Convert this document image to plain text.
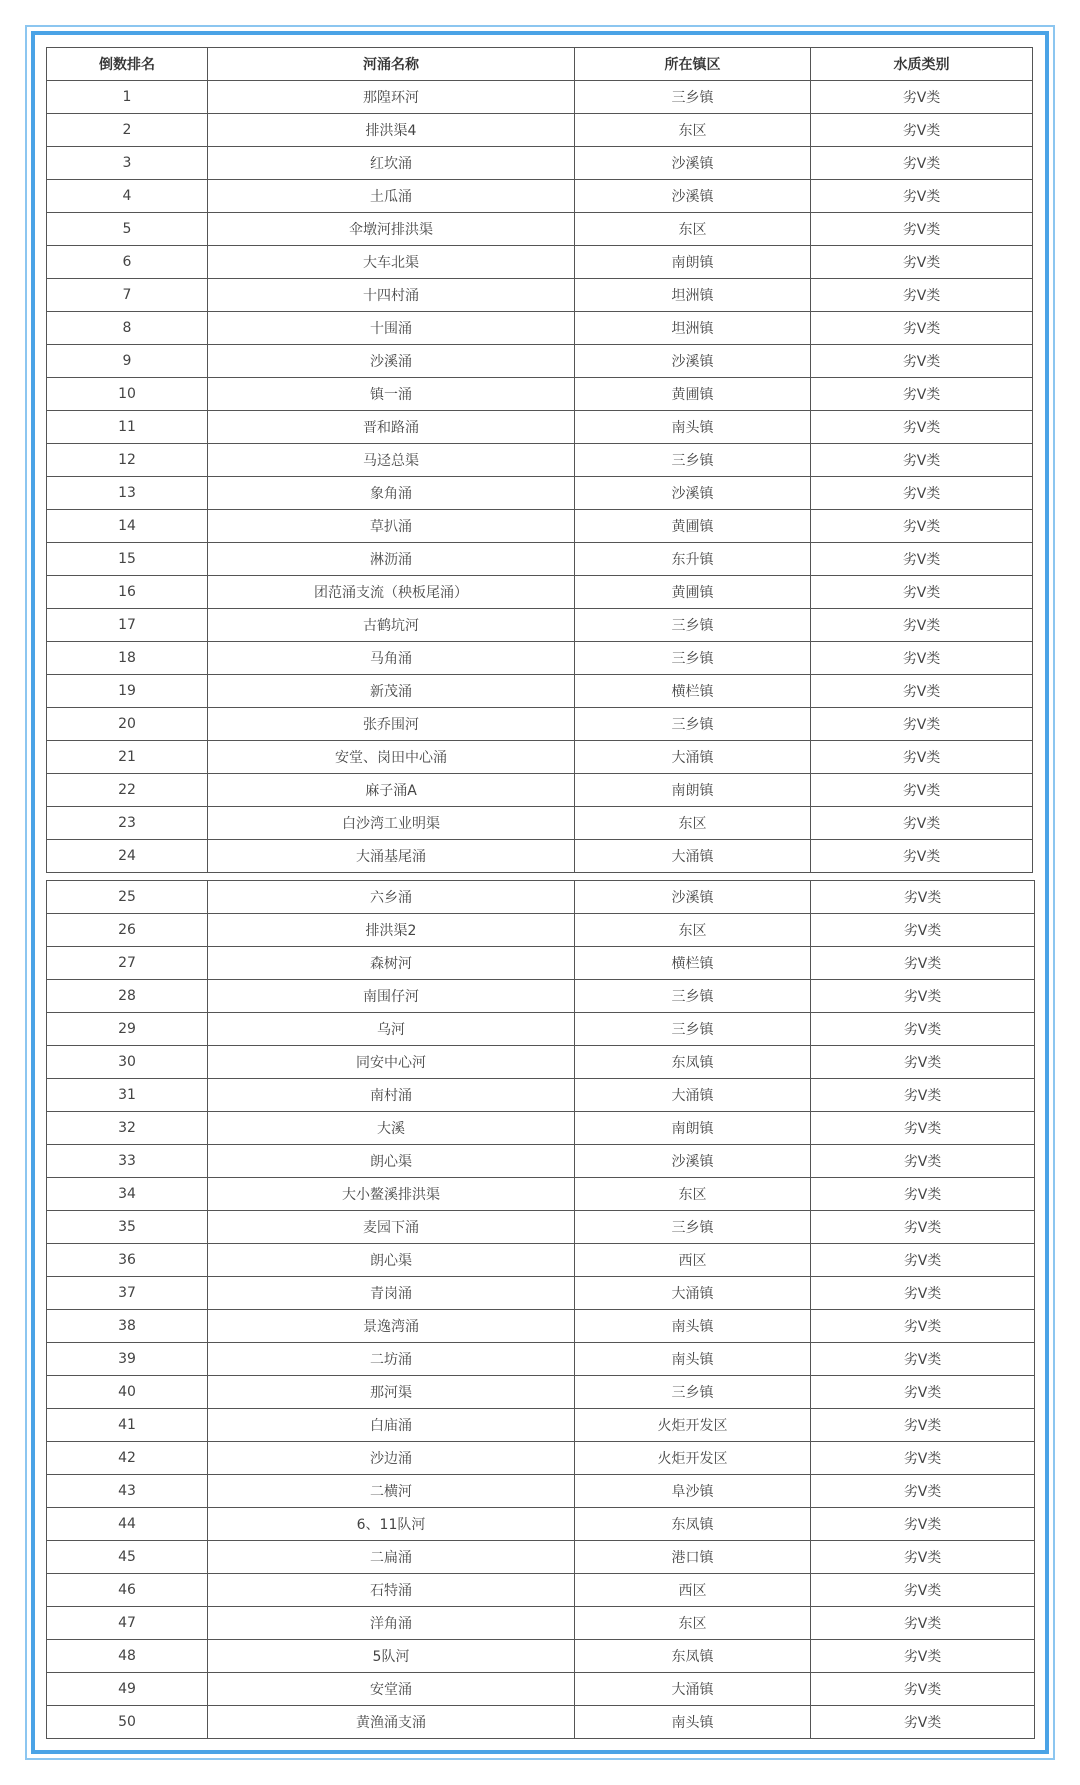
倒数排名	河涌名称	所在镇区	水质类别
1	那隍环河	三乡镇	劣V类
2	排洪渠4	东区	劣V类
3	红坎涌	沙溪镇	劣V类
4	土瓜涌	沙溪镇	劣V类
5	伞墩河排洪渠	东区	劣V类
6	大车北渠	南朗镇	劣V类
7	十四村涌	坦洲镇	劣V类
8	十围涌	坦洲镇	劣V类
9	沙溪涌	沙溪镇	劣V类
10	镇一涌	黄圃镇	劣V类
11	晋和路涌	南头镇	劣V类
12	马迳总渠	三乡镇	劣V类
13	象角涌	沙溪镇	劣V类
14	草扒涌	黄圃镇	劣V类
15	淋沥涌	东升镇	劣V类
16	团范涌支流（秧板尾涌）	黄圃镇	劣V类
17	古鹤坑河	三乡镇	劣V类
18	马角涌	三乡镇	劣V类
19	新茂涌	横栏镇	劣V类
20	张乔围河	三乡镇	劣V类
21	安堂、岗田中心涌	大涌镇	劣V类
22	麻子涌A	南朗镇	劣V类
23	白沙湾工业明渠	东区	劣V类
24	大涌基尾涌	大涌镇	劣V类
25	六乡涌	沙溪镇	劣V类
26	排洪渠2	东区	劣V类
27	森树河	横栏镇	劣V类
28	南围仔河	三乡镇	劣V类
29	乌河	三乡镇	劣V类
30	同安中心河	东凤镇	劣V类
31	南村涌	大涌镇	劣V类
32	大溪	南朗镇	劣V类
33	朗心渠	沙溪镇	劣V类
34	大小鳌溪排洪渠	东区	劣V类
35	麦园下涌	三乡镇	劣V类
36	朗心渠	西区	劣V类
37	青岗涌	大涌镇	劣V类
38	景逸湾涌	南头镇	劣V类
39	二坊涌	南头镇	劣V类
40	那河渠	三乡镇	劣V类
41	白庙涌	火炬开发区	劣V类
42	沙边涌	火炬开发区	劣V类
43	二横河	阜沙镇	劣V类
44	6、11队河	东凤镇	劣V类
45	二扁涌	港口镇	劣V类
46	石特涌	西区	劣V类
47	洋角涌	东区	劣V类
48	5队河	东凤镇	劣V类
49	安堂涌	大涌镇	劣V类
50	黄渔涌支涌	南头镇	劣V类
